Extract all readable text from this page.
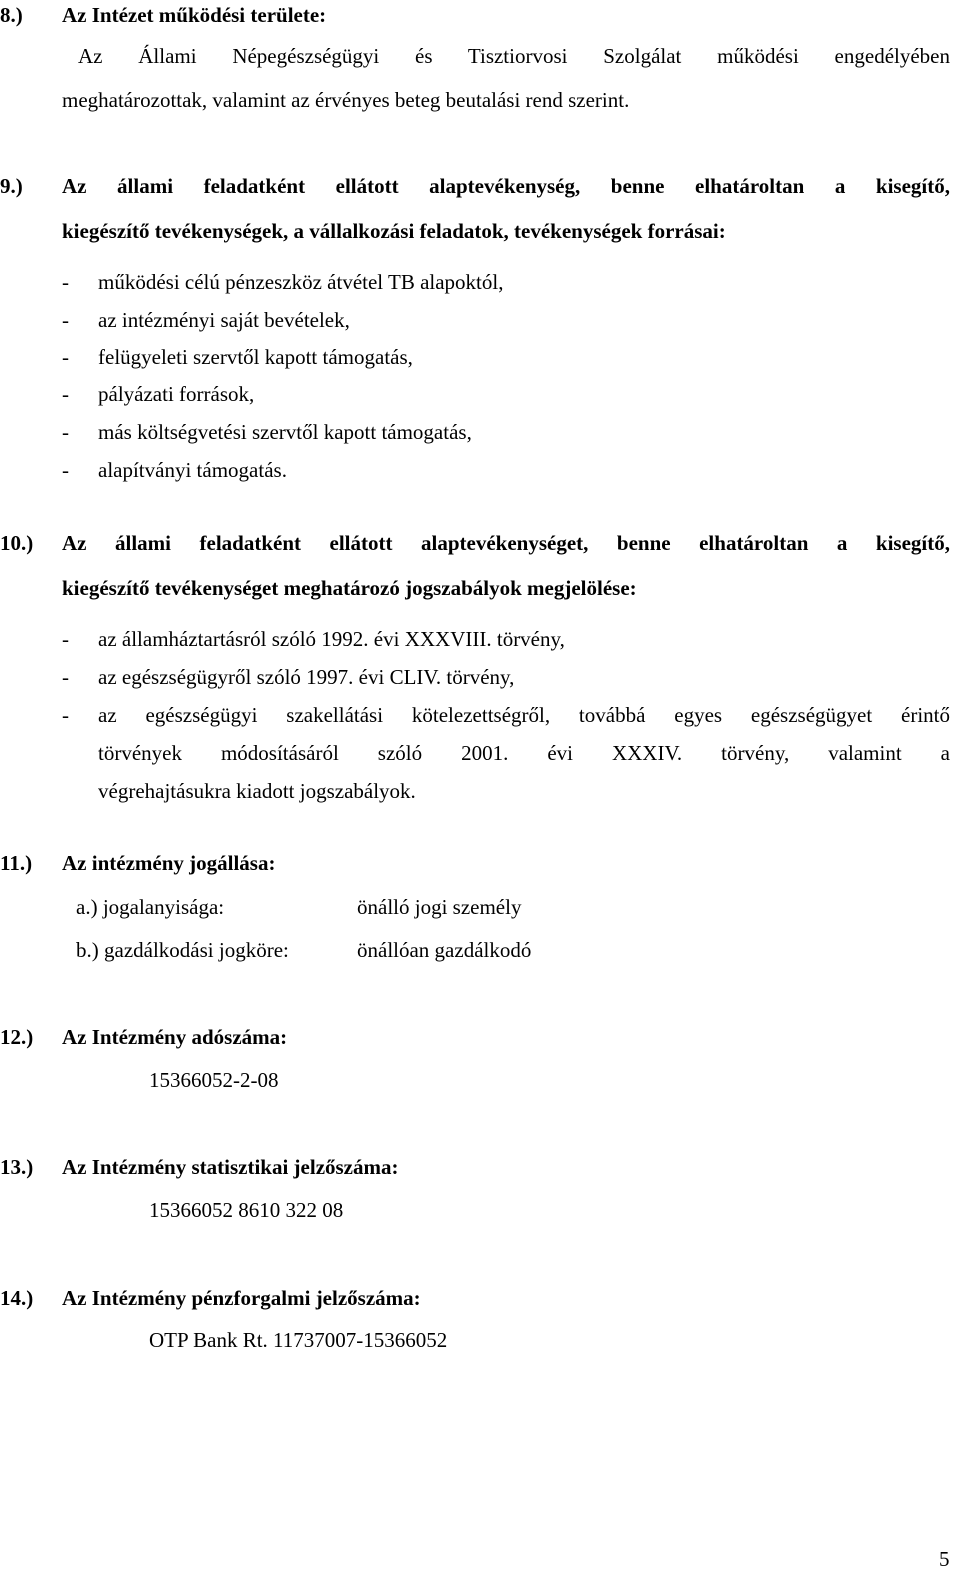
8.) Az Intézet működési területe:
Az Állami Népegészségügyi és Tisztiorvosi Szolgálat működési engedélyében
meghatározottak, valamint az érvényes beteg beutalási rend szerint.
9.) Az állami feladatként ellátott alaptevékenység, benne elhatároltan a kisegítő,
kiegészítő tevékenységek, a vállalkozási feladatok, tevékenységek forrásai:
- működési célú pénzeszköz átvétel TB alapoktól,
- az intézményi saját bevételek,
- felügyeleti szervtől kapott támogatás,
- pályázati források,
- más költségvetési szervtől kapott támogatás,
- alapítványi támogatás.
10.) Az állami feladatként ellátott alaptevékenységet, benne elhatároltan a kisegítő,
kiegészítő tevékenységet meghatározó jogszabályok megjelölése:
- az államháztartásról szóló 1992. évi XXXVIII. törvény,
- az egészségügyről szóló 1997. évi CLIV. törvény,
- az egészségügyi szakellátási kötelezettségről, továbbá egyes egészségügyet érintő
törvények módosításáról szóló 2001. évi XXXIV. törvény, valamint a
végrehajtásukra kiadott jogszabályok.
11.) Az intézmény jogállása:
a.) jogalanyisága:	önálló jogi személy
b.) gazdálkodási jogköre:	önállóan gazdálkodó
12.) Az Intézmény adószáma:
15366052-2-08
13.) Az Intézmény statisztikai jelzőszáma:
15366052 8610 322 08
14.) Az Intézmény pénzforgalmi jelzőszáma:
OTP Bank Rt. 11737007-15366052
5
